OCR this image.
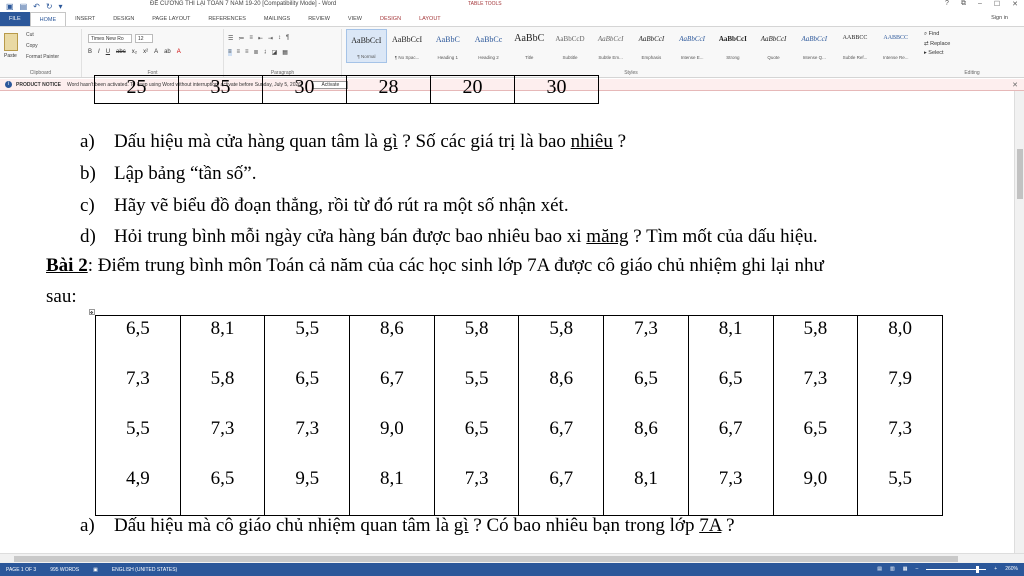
▣ ▤ ↶ ↻ ▾	ĐỀ CƯƠNG THI LẠI TOÁN 7 NĂM 19-20 [Compatibility Mode] - Word	TABLE TOOLS	? ⧉ – ☐ ✕
FILE	HOME	INSERT	DESIGN	PAGE LAYOUT	REFERENCES	MAILINGS	REVIEW	VIEW	DESIGN	LAYOUT	Sign in
Paste
Cut
Copy
Format Painter
Clipboard
Times New Ro	12
B I U abc x₂ x² A ab A
Font
☰ ≔ ≡ ⇤ ⇥ ↕ ¶
≡ ≡ ≡ ≣ ↨ ◪ ▦
Paragraph
AaBbCcI
¶ Normal
AaBbCcI
¶ No Spac...
AaBbC
Heading 1
AaBbCc
Heading 2
AaBbC
Title
AaBbCcD
Subtitle
AaBbCcI
Subtle Em...
AaBbCcI
Emphasis
AaBbCcI
Intense E...
AaBbCcI
Strong
AaBbCcI
Quote
AaBbCcI
Intense Q...
AABBCC
Subtle Ref...
AABBCC
Intense Re...
Styles
⌕ Find
⇄ Replace
▸ Select
Editing
i	PRODUCT NOTICE Word hasn't been activated. To keep using Word without interruption, activate before Sunday, July 5, 2026.	Activate	✕
25	35	30	28	20	30
a) Dấu hiệu mà cửa hàng quan tâm là gì ? Số các giá trị là bao nhiêu ?
b) Lập bảng “tần số”.
c) Hãy vẽ biểu đồ đoạn thẳng, rồi từ đó rút ra một số nhận xét.
d) Hỏi trung bình mỗi ngày cửa hàng bán được bao nhiêu bao xi măng ? Tìm mốt của dấu hiệu.
Bài 2: Điểm trung bình môn Toán cả năm của các học sinh lớp 7A được cô giáo chủ nhiệm ghi lại như
sau:
✥
6,5	8,1	5,5	8,6	5,8	5,8	7,3	8,1	5,8	8,0
7,3	5,8	6,5	6,7	5,5	8,6	6,5	6,5	7,3	7,9
5,5	7,3	7,3	9,0	6,5	6,7	8,6	6,7	6,5	7,3
4,9	6,5	9,5	8,1	7,3	6,7	8,1	7,3	9,0	5,5
a) Dấu hiệu mà cô giáo chủ nhiệm quan tâm là gì ? Có bao nhiêu bạn trong lớp 7A ?
PAGE 1 OF 3	995 WORDS	▣	ENGLISH (UNITED STATES)	▤ ▥ ▦ –	+ 260%
